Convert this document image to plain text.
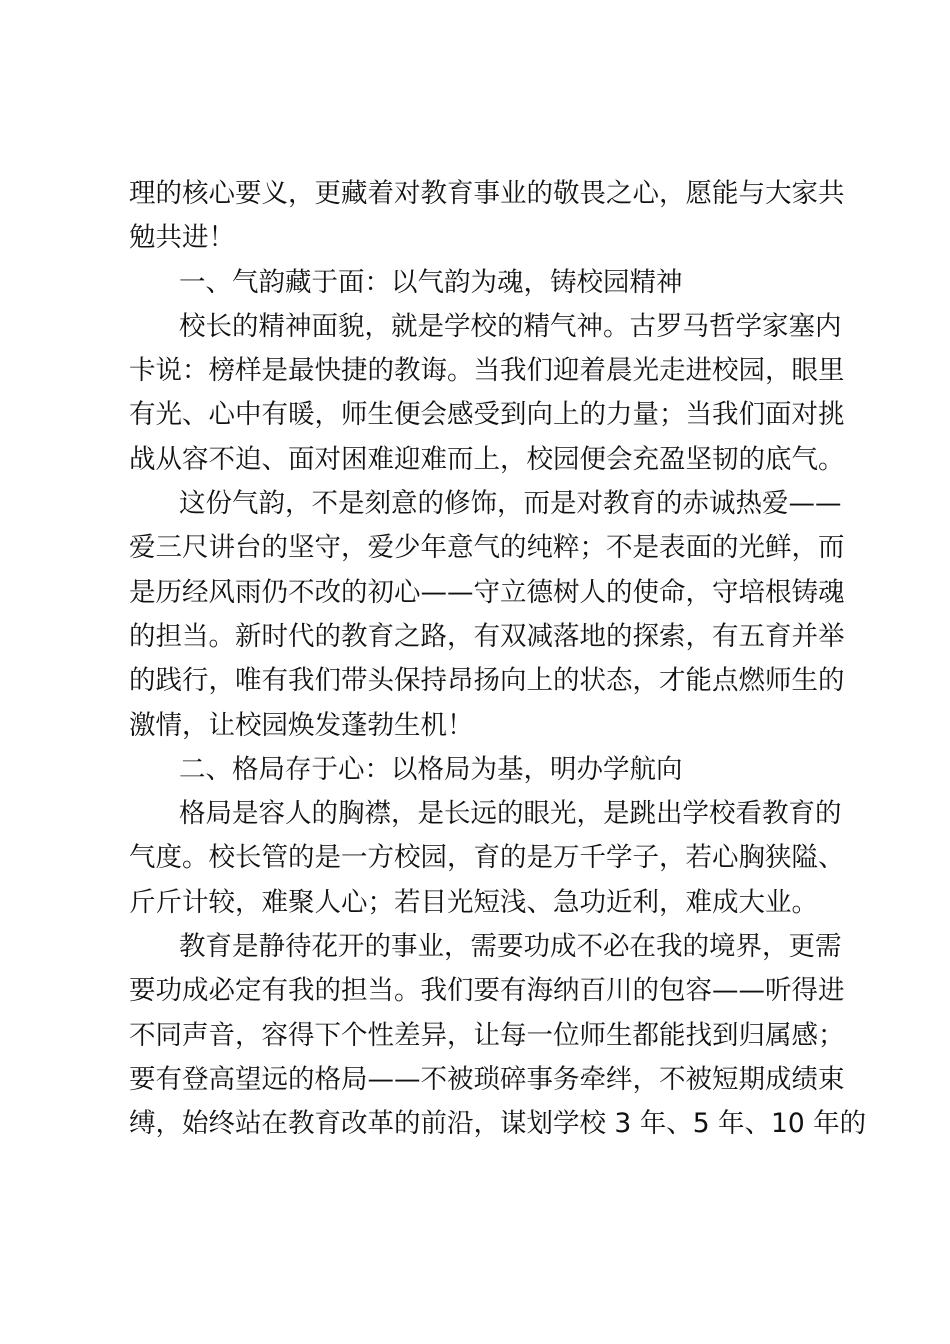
理的核心要义，更藏着对教育事业的敬畏之心，愿能与大家共
勉共进！
一、气韵藏于面：以气韵为魂，铸校园精神
校长的精神面貌，就是学校的精气神。古罗马哲学家塞内
卡说：榜样是最快捷的教诲。当我们迎着晨光走进校园，眼里
有光、心中有暖，师生便会感受到向上的力量；当我们面对挑
战从容不迫、面对困难迎难而上，校园便会充盈坚韧的底气。
这份气韵，不是刻意的修饰，而是对教育的赤诚热爱——
爱三尺讲台的坚守，爱少年意气的纯粹；不是表面的光鲜，而
是历经风雨仍不改的初心——守立德树人的使命，守培根铸魂
的担当。新时代的教育之路，有双减落地的探索，有五育并举
的践行，唯有我们带头保持昂扬向上的状态，才能点燃师生的
激情，让校园焕发蓬勃生机！
二、格局存于心：以格局为基，明办学航向
格局是容人的胸襟，是长远的眼光，是跳出学校看教育的
气度。校长管的是一方校园，育的是万千学子，若心胸狭隘、
斤斤计较，难聚人心；若目光短浅、急功近利，难成大业。
教育是静待花开的事业，需要功成不必在我的境界，更需
要功成必定有我的担当。我们要有海纳百川的包容——听得进
不同声音，容得下个性差异，让每一位师生都能找到归属感；
要有登高望远的格局——不被琐碎事务牵绊，不被短期成绩束
缚，始终站在教育改革的前沿，谋划学校 3 年、5 年、10 年的
